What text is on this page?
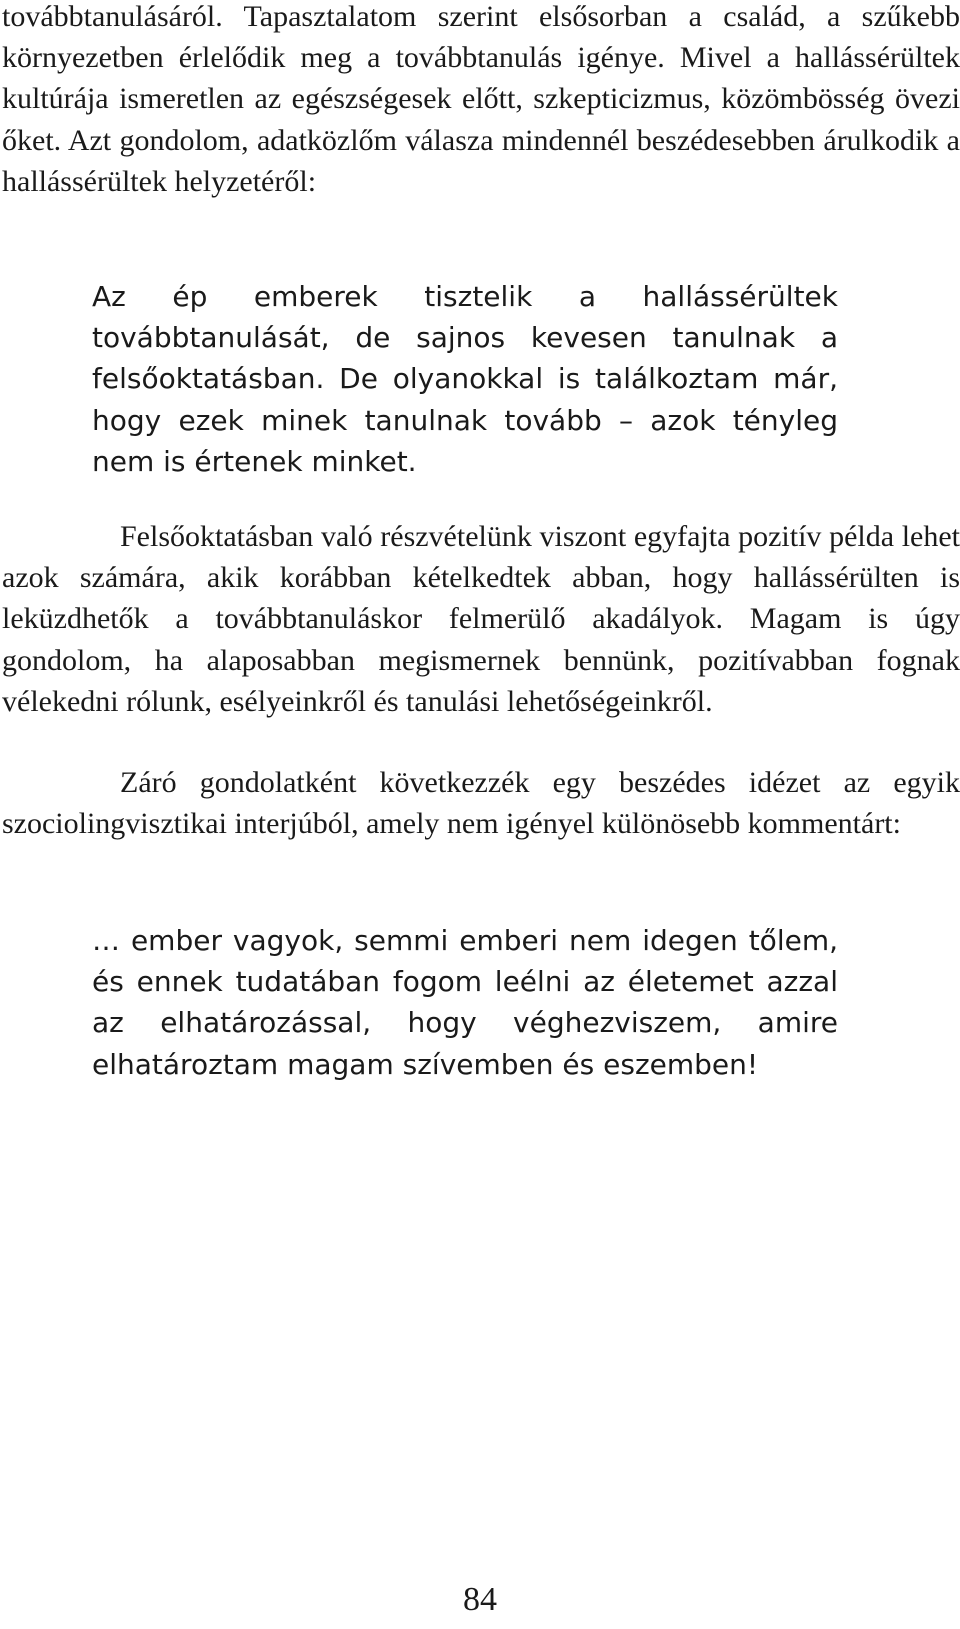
továbbtanulásáról. Tapasztalatom szerint elsősorban a család, a szűkebb környezetben érlelődik meg a továbbtanulás igénye. Mivel a hallássérültek kultúrája ismeretlen az egészségesek előtt, szkepticizmus, közömbösség övezi őket. Azt gondolom, adatközlőm válasza mindennél beszédesebben árulkodik a hallássérültek helyzetéről:

Az ép emberek tisztelik a hallássérültek továbbtanulását, de sajnos kevesen tanulnak a felsőoktatásban. De olyanokkal is találkoztam már, hogy ezek minek tanulnak tovább – azok tényleg nem is értenek minket.

Felsőoktatásban való részvételünk viszont egyfajta pozitív példa lehet azok számára, akik korábban kételkedtek abban, hogy hallássérülten is leküzdhetők a továbbtanuláskor felmerülő akadályok. Magam is úgy gondolom, ha alaposabban megismernek bennünk, pozitívabban fognak vélekedni rólunk, esélyeinkről és tanulási lehetőségeinkről.

Záró gondolatként következzék egy beszédes idézet az egyik szociolingvisztikai interjúból, amely nem igényel különösebb kommentárt:

… ember vagyok, semmi emberi nem idegen tőlem, és ennek tudatában fogom leélni az életemet azzal az elhatározással, hogy véghezviszem, amire elhatároztam magam szívemben és eszemben!

84
